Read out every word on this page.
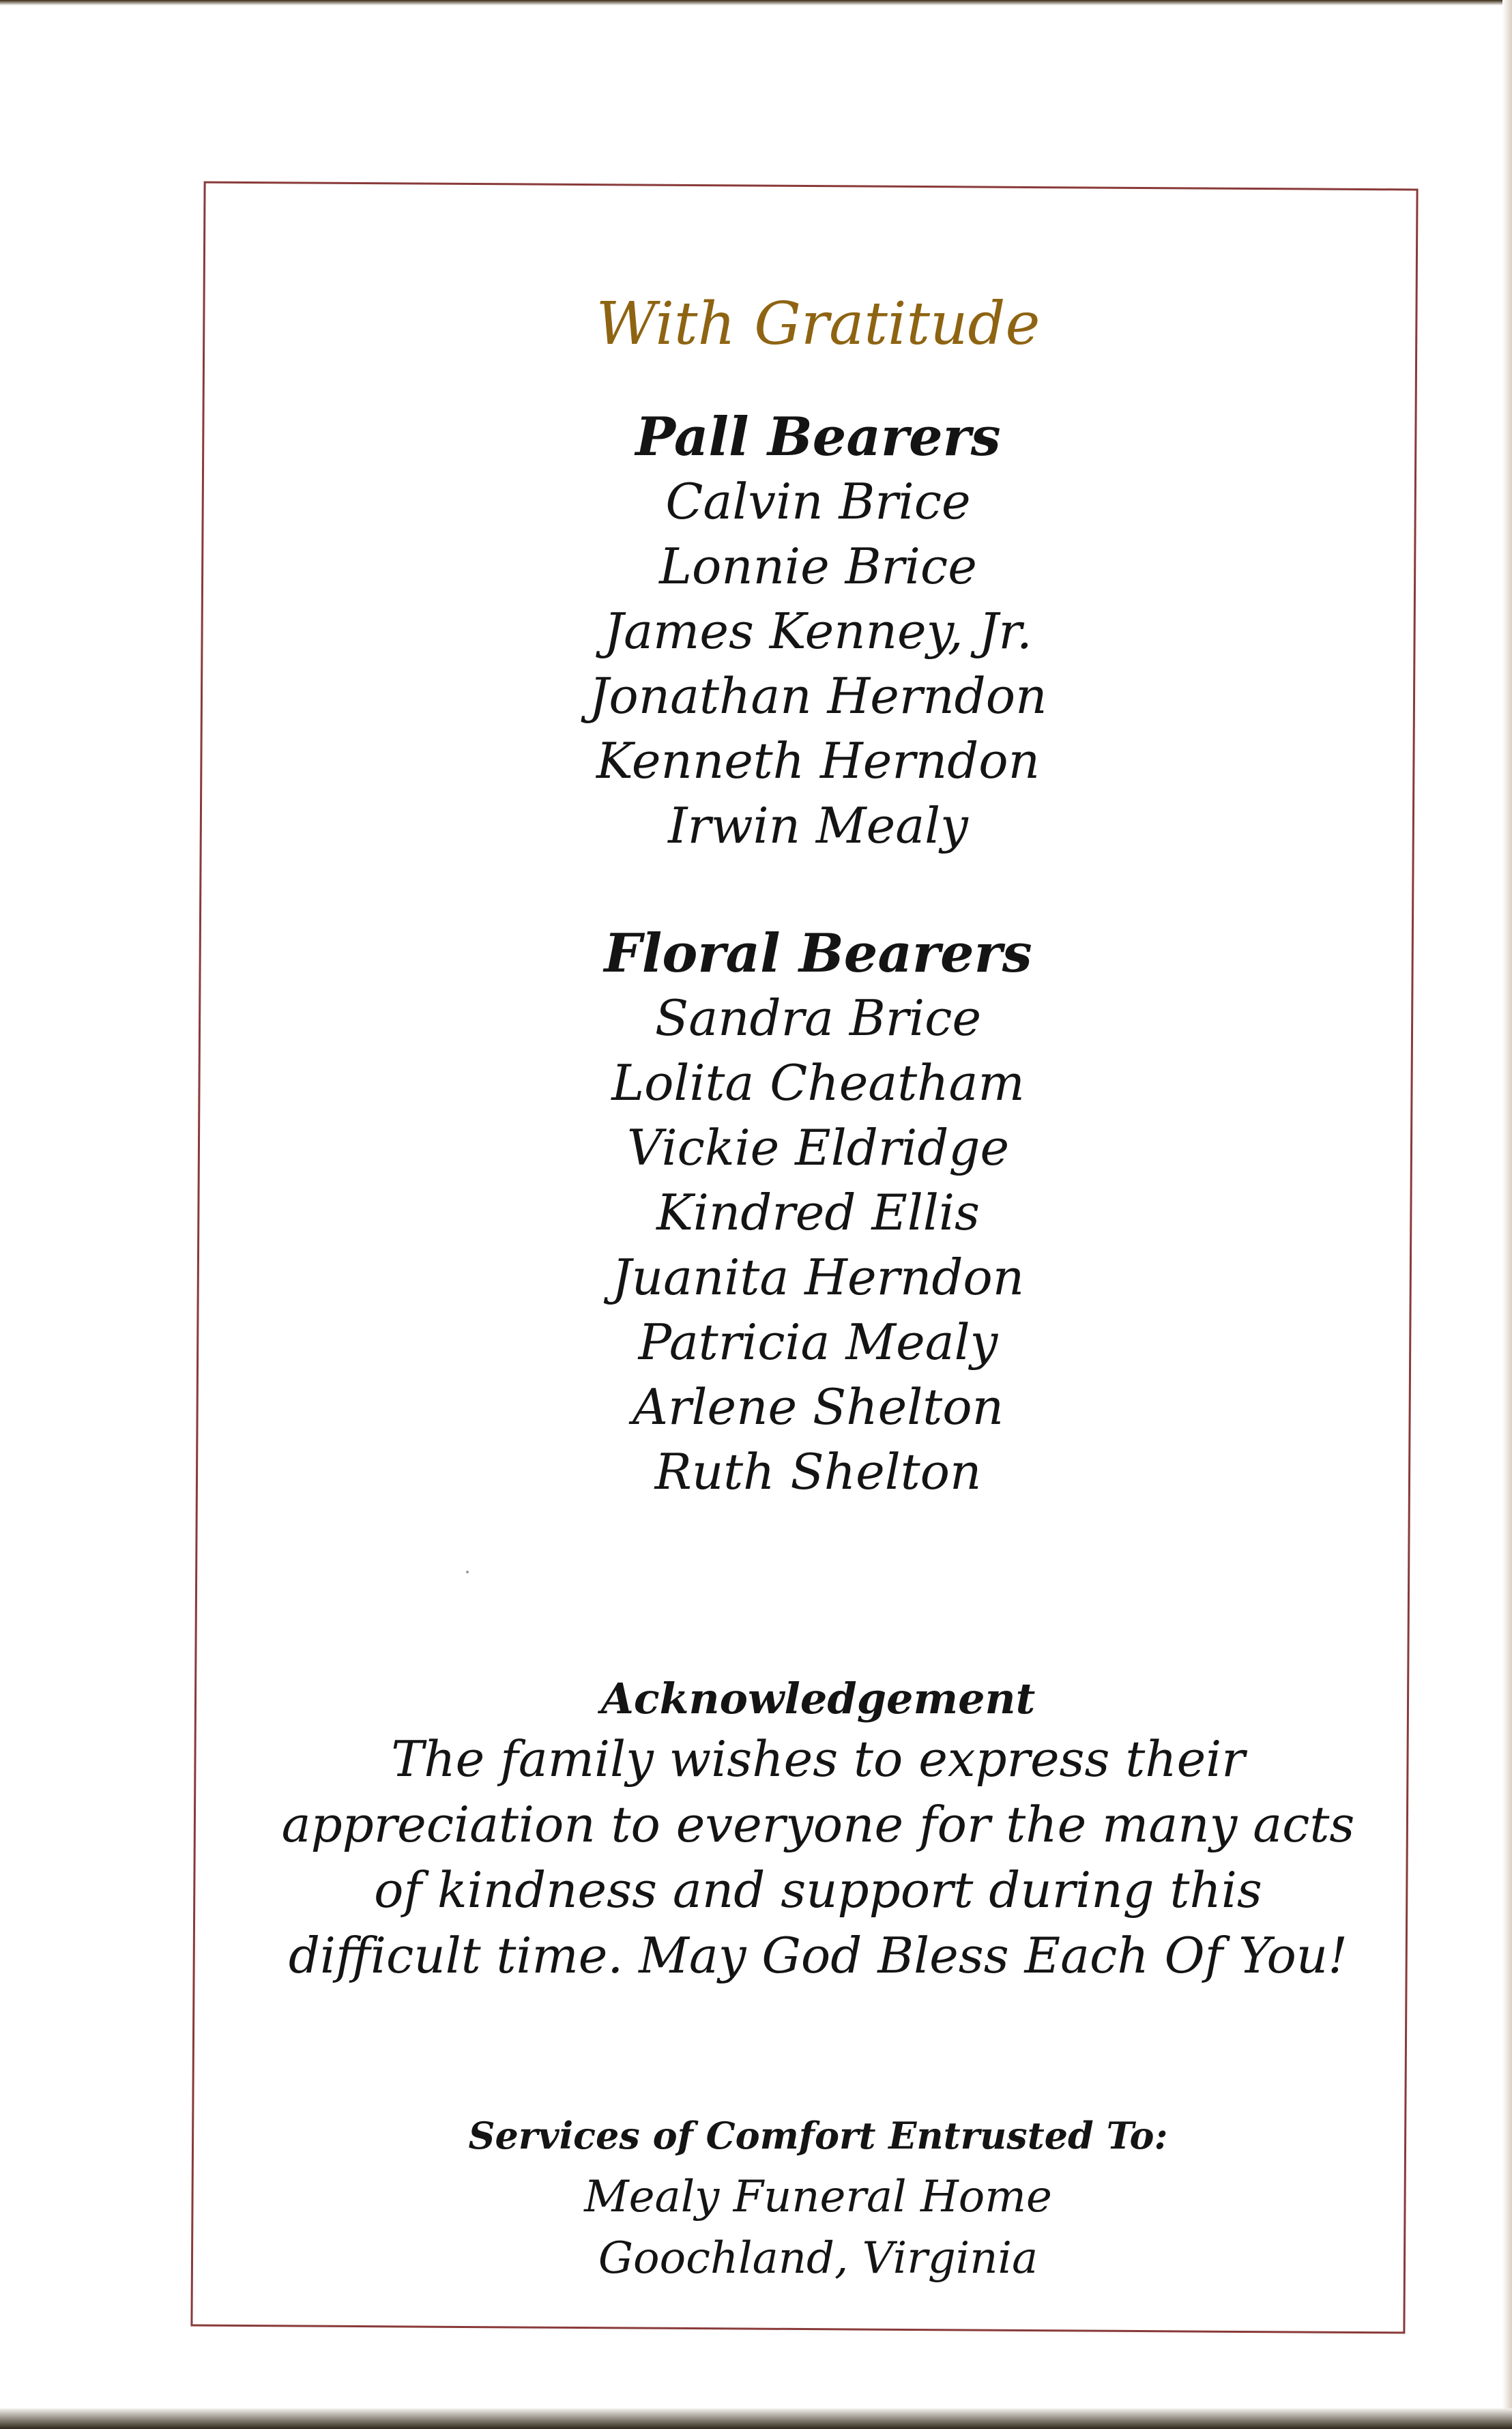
With Gratitude
Pall Bearers
Calvin Brice
Lonnie Brice
James Kenney, Jr.
Jonathan Herndon
Kenneth Herndon
Irwin Mealy
Floral Bearers
Sandra Brice
Lolita Cheatham
Vickie Eldridge
Kindred Ellis
Juanita Herndon
Patricia Mealy
Arlene Shelton
Ruth Shelton
Acknowledgement
The family wishes to express their
appreciation to everyone for the many acts
of kindness and support during this
difficult time. May God Bless Each Of You!
Services of Comfort Entrusted To:
Mealy Funeral Home
Goochland, Virginia
